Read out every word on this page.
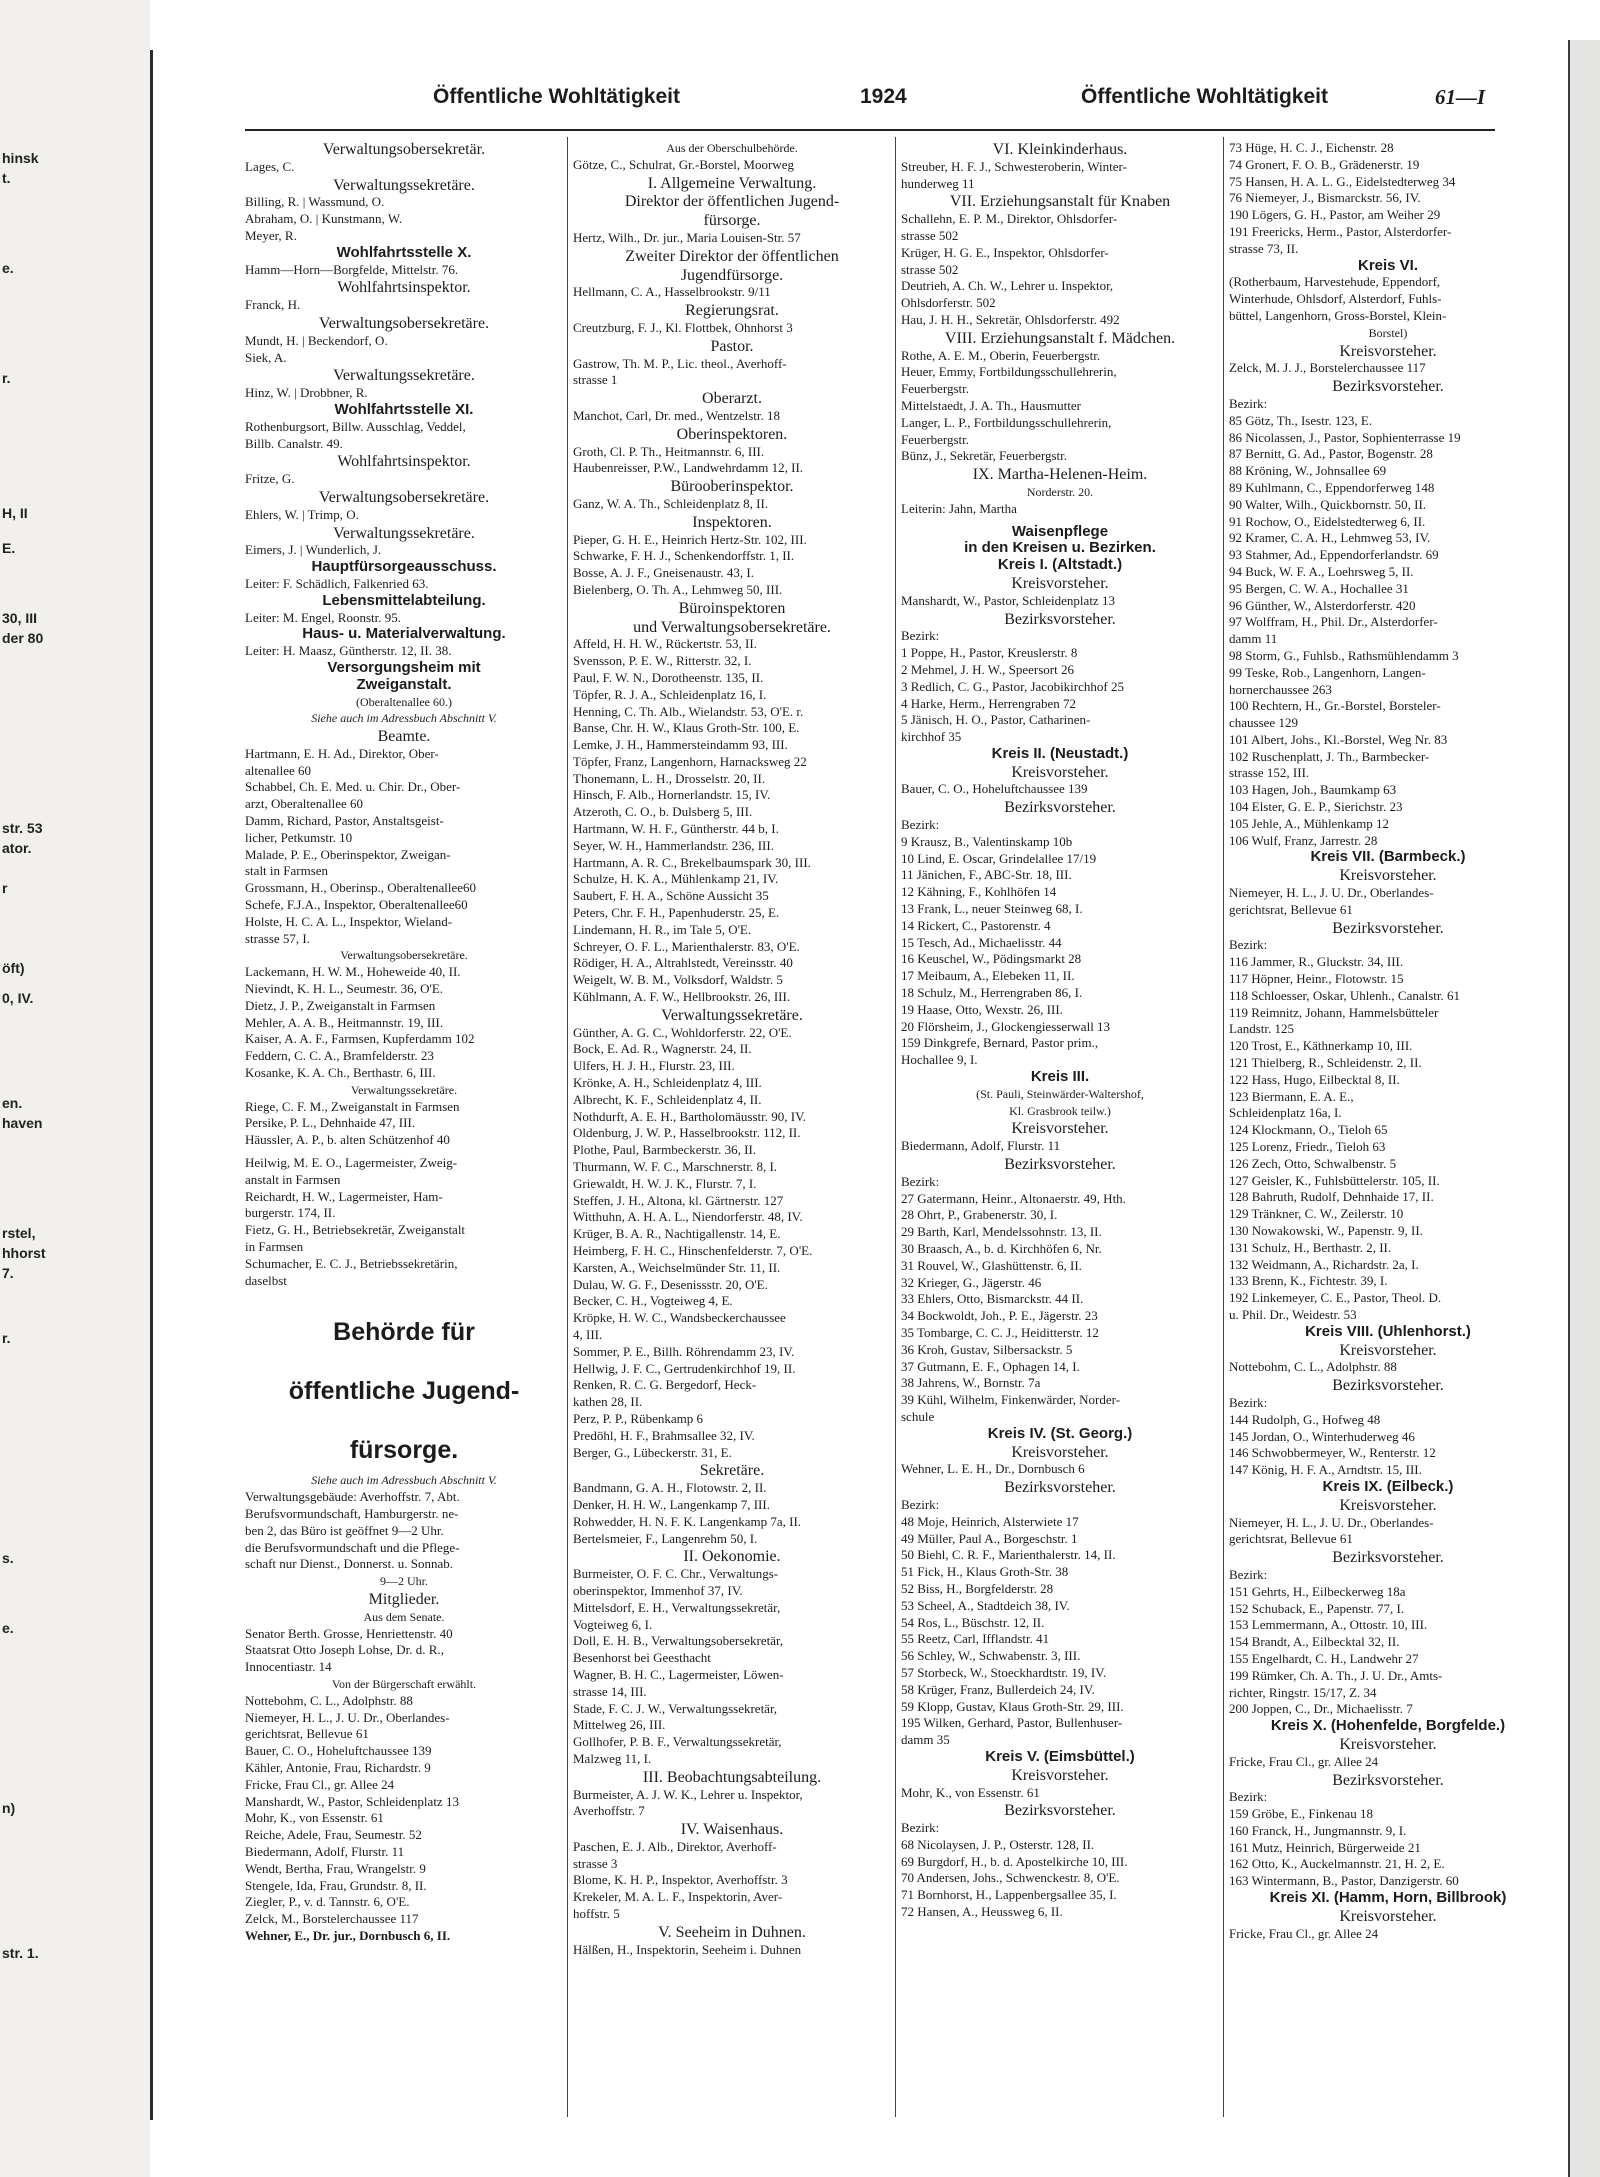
hinsk
t.
e.
r.
H, II
E.
30, III
der 80
str. 53
ator.
r
öft)
0, IV.
en.
haven
rstel,
hhorst
7.
r.
s.
e.
n)
str. 1.
Öffentliche Wohltätigkeit	1924	Öffentliche Wohltätigkeit	61—I
Verwaltungsobersekretär.
Lages, C.
Verwaltungssekretäre.
Billing, R. | Wassmund, O.
Abraham, O. | Kunstmann, W.
Meyer, R.
Wohlfahrtsstelle X.
Hamm—Horn—Borgfelde, Mittelstr. 76.
Wohlfahrtsinspektor.
Franck, H.
Verwaltungsobersekretäre.
Mundt, H. | Beckendorf, O.
Siek, A.
Verwaltungssekretäre.
Hinz, W. | Drobbner, R.
Wohlfahrtsstelle XI.
Rothenburgsort, Billw. Ausschlag, Veddel,
Billb. Canalstr. 49.
Wohlfahrtsinspektor.
Fritze, G.
Verwaltungsobersekretäre.
Ehlers, W. | Trimp, O.
Verwaltungssekretäre.
Eimers, J. | Wunderlich, J.
Hauptfürsorgeausschuss.
Leiter: F. Schädlich, Falkenried 63.
Lebensmittelabteilung.
Leiter: M. Engel, Roonstr. 95.
Haus- u. Materialverwaltung.
Leiter: H. Maasz, Güntherstr. 12, II. 38.
Versorgungsheim mit
Zweiganstalt.
(Oberaltenallee 60.)
Siehe auch im Adressbuch Abschnitt V.
Beamte.
Hartmann, E. H. Ad., Direktor, Ober-
altenallee 60
Schabbel, Ch. E. Med. u. Chir. Dr., Ober-
arzt, Oberaltenallee 60
Damm, Richard, Pastor, Anstaltsgeist-
licher, Petkumstr. 10
Malade, P. E., Oberinspektor, Zweigan-
stalt in Farmsen
Grossmann, H., Oberinsp., Oberaltenallee60
Schefe, F.J.A., Inspektor, Oberaltenallee60
Holste, H. C. A. L., Inspektor, Wieland-
strasse 57, I.
Verwaltungsobersekretäre.
Lackemann, H. W. M., Hoheweide 40, II.
Nievindt, K. H. L., Seumestr. 36, O'E.
Dietz, J. P., Zweiganstalt in Farmsen
Mehler, A. A. B., Heitmannstr. 19, III.
Kaiser, A. A. F., Farmsen, Kupferdamm 102
Feddern, C. C. A., Bramfelderstr. 23
Kosanke, K. A. Ch., Berthastr. 6, III.
Verwaltungssekretäre.
Riege, C. F. M., Zweiganstalt in Farmsen
Persike, P. L., Dehnhaide 47, III.
Häussler, A. P., b. alten Schützenhof 40
Heilwig, M. E. O., Lagermeister, Zweig-
anstalt in Farmsen
Reichardt, H. W., Lagermeister, Ham-
burgerstr. 174, II.
Fietz, G. H., Betriebsekretär, Zweiganstalt
in Farmsen
Schumacher, E. C. J., Betriebssekretärin,
daselbst
Behörde für
öffentliche Jugend-
fürsorge.
Siehe auch im Adressbuch Abschnitt V.
Verwaltungsgebäude: Averhoffstr. 7, Abt.
Berufsvormundschaft, Hamburgerstr. ne-
ben 2, das Büro ist geöffnet 9—2 Uhr.
die Berufsvormundschaft und die Pflege-
schaft nur Dienst., Donnerst. u. Sonnab.
9—2 Uhr.
Mitglieder.
Aus dem Senate.
Senator Berth. Grosse, Henriettenstr. 40
Staatsrat Otto Joseph Lohse, Dr. d. R.,
Innocentiastr. 14
Von der Bürgerschaft erwählt.
Nottebohm, C. L., Adolphstr. 88
Niemeyer, H. L., J. U. Dr., Oberlandes-
gerichtsrat, Bellevue 61
Bauer, C. O., Hoheluftchaussee 139
Kähler, Antonie, Frau, Richardstr. 9
Fricke, Frau Cl., gr. Allee 24
Manshardt, W., Pastor, Schleidenplatz 13
Mohr, K., von Essenstr. 61
Reiche, Adele, Frau, Seumestr. 52
Biedermann, Adolf, Flurstr. 11
Wendt, Bertha, Frau, Wrangelstr. 9
Stengele, Ida, Frau, Grundstr. 8, II.
Ziegler, P., v. d. Tannstr. 6, O'E.
Zelck, M., Borstelerchaussee 117
Wehner, E., Dr. jur., Dornbusch 6, II.
Aus der Oberschulbehörde.
Götze, C., Schulrat, Gr.-Borstel, Moorweg
I. Allgemeine Verwaltung.
Direktor der öffentlichen Jugend-
fürsorge.
Hertz, Wilh., Dr. jur., Maria Louisen-Str. 57
Zweiter Direktor der öffentlichen
Jugendfürsorge.
Hellmann, C. A., Hasselbrookstr. 9/11
Regierungsrat.
Creutzburg, F. J., Kl. Flottbek, Ohnhorst 3
Pastor.
Gastrow, Th. M. P., Lic. theol., Averhoff-
strasse 1
Oberarzt.
Manchot, Carl, Dr. med., Wentzelstr. 18
Oberinspektoren.
Groth, Cl. P. Th., Heitmannstr. 6, III.
Haubenreisser, P.W., Landwehrdamm 12, II.
Bürooberinspektor.
Ganz, W. A. Th., Schleidenplatz 8, II.
Inspektoren.
Pieper, G. H. E., Heinrich Hertz-Str. 102, III.
Schwarke, F. H. J., Schenkendorffstr. 1, II.
Bosse, A. J. F., Gneisenaustr. 43, I.
Bielenberg, O. Th. A., Lehmweg 50, III.
Büroinspektoren
und Verwaltungsobersekretäre.
Affeld, H. H. W., Rückertstr. 53, II.
Svensson, P. E. W., Ritterstr. 32, I.
Paul, F. W. N., Dorotheenstr. 135, II.
Töpfer, R. J. A., Schleidenplatz 16, I.
Henning, C. Th. Alb., Wielandstr. 53, O'E. r.
Banse, Chr. H. W., Klaus Groth-Str. 100, E.
Lemke, J. H., Hammersteindamm 93, III.
Töpfer, Franz, Langenhorn, Harnacksweg 22
Thonemann, L. H., Drosselstr. 20, II.
Hinsch, F. Alb., Hornerlandstr. 15, IV.
Atzeroth, C. O., b. Dulsberg 5, III.
Hartmann, W. H. F., Güntherstr. 44 b, I.
Seyer, W. H., Hammerlandstr. 236, III.
Hartmann, A. R. C., Brekelbaumspark 30, III.
Schulze, H. K. A., Mühlenkamp 21, IV.
Saubert, F. H. A., Schöne Aussicht 35
Peters, Chr. F. H., Papenhuderstr. 25, E.
Lindemann, H. R., im Tale 5, O'E.
Schreyer, O. F. L., Marienthalerstr. 83, O'E.
Rödiger, H. A., Altrahlstedt, Vereinsstr. 40
Weigelt, W. B. M., Volksdorf, Waldstr. 5
Kühlmann, A. F. W., Hellbrookstr. 26, III.
Verwaltungssekretäre.
Günther, A. G. C., Wohldorferstr. 22, O'E.
Bock, E. Ad. R., Wagnerstr. 24, II.
Ulfers, H. J. H., Flurstr. 23, III.
Krönke, A. H., Schleidenplatz 4, III.
Albrecht, K. F., Schleidenplatz 4, II.
Nothdurft, A. E. H., Bartholomäusstr. 90, IV.
Oldenburg, J. W. P., Hasselbrookstr. 112, II.
Plothe, Paul, Barmbeckerstr. 36, II.
Thurmann, W. F. C., Marschnerstr. 8, I.
Griewaldt, H. W. J. K., Flurstr. 7, I.
Steffen, J. H., Altona, kl. Gärtnerstr. 127
Witthuhn, A. H. A. L., Niendorferstr. 48, IV.
Krüger, B. A. R., Nachtigallenstr. 14, E.
Heimberg, F. H. C., Hinschenfelderstr. 7, O'E.
Karsten, A., Weichselmünder Str. 11, II.
Dulau, W. G. F., Desenissstr. 20, O'E.
Becker, C. H., Vogteiweg 4, E.
Kröpke, H. W. C., Wandsbeckerchaussee
4, III.
Sommer, P. E., Billh. Röhrendamm 23, IV.
Hellwig, J. F. C., Gertrudenkirchhof 19, II.
Renken, R. C. G. Bergedorf, Heck-
kathen 28, II.
Perz, P. P., Rübenkamp 6
Predöhl, H. F., Brahmsallee 32, IV.
Berger, G., Lübeckerstr. 31, E.
Sekretäre.
Bandmann, G. A. H., Flotowstr. 2, II.
Denker, H. H. W., Langenkamp 7, III.
Rohwedder, H. N. F. K. Langenkamp 7a, II.
Bertelsmeier, F., Langenrehm 50, I.
II. Oekonomie.
Burmeister, O. F. C. Chr., Verwaltungs-
oberinspektor, Immenhof 37, IV.
Mittelsdorf, E. H., Verwaltungssekretär,
Vogteiweg 6, I.
Doll, E. H. B., Verwaltungsobersekretär,
Besenhorst bei Geesthacht
Wagner, B. H. C., Lagermeister, Löwen-
strasse 14, III.
Stade, F. C. J. W., Verwaltungssekretär,
Mittelweg 26, III.
Gollhofer, P. B. F., Verwaltungssekretär,
Malzweg 11, I.
III. Beobachtungsabteilung.
Burmeister, A. J. W. K., Lehrer u. Inspektor,
Averhoffstr. 7
IV. Waisenhaus.
Paschen, E. J. Alb., Direktor, Averhoff-
strasse 3
Blome, K. H. P., Inspektor, Averhoffstr. 3
Krekeler, M. A. L. F., Inspektorin, Aver-
hoffstr. 5
V. Seeheim in Duhnen.
Hälßen, H., Inspektorin, Seeheim i. Duhnen
VI. Kleinkinderhaus.
Streuber, H. F. J., Schwesteroberin, Winter-
hunderweg 11
VII. Erziehungsanstalt für Knaben
Schallehn, E. P. M., Direktor, Ohlsdorfer-
strasse 502
Krüger, H. G. E., Inspektor, Ohlsdorfer-
strasse 502
Deutrieh, A. Ch. W., Lehrer u. Inspektor,
Ohlsdorferstr. 502
Hau, J. H. H., Sekretär, Ohlsdorferstr. 492
VIII. Erziehungsanstalt f. Mädchen.
Rothe, A. E. M., Oberin, Feuerbergstr.
Heuer, Emmy, Fortbildungsschullehrerin,
Feuerbergstr.
Mittelstaedt, J. A. Th., Hausmutter
Langer, L. P., Fortbildungsschullehrerin,
Feuerbergstr.
Bünz, J., Sekretär, Feuerbergstr.
IX. Martha-Helenen-Heim.
Norderstr. 20.
Leiterin: Jahn, Martha
Waisenpflege
in den Kreisen u. Bezirken.
Kreis I. (Altstadt.)
Kreisvorsteher.
Manshardt, W., Pastor, Schleidenplatz 13
Bezirksvorsteher.
Bezirk:
1 Poppe, H., Pastor, Kreuslerstr. 8
2 Mehmel, J. H. W., Speersort 26
3 Redlich, C. G., Pastor, Jacobikirchhof 25
4 Harke, Herm., Herrengraben 72
5 Jänisch, H. O., Pastor, Catharinen-
kirchhof 35
Kreis II. (Neustadt.)
Kreisvorsteher.
Bauer, C. O., Hoheluftchaussee 139
Bezirksvorsteher.
Bezirk:
9 Krausz, B., Valentinskamp 10b
10 Lind, E. Oscar, Grindelallee 17/19
11 Jänichen, F., ABC-Str. 18, III.
12 Kähning, F., Kohlhöfen 14
13 Frank, L., neuer Steinweg 68, I.
14 Rickert, C., Pastorenstr. 4
15 Tesch, Ad., Michaelisstr. 44
16 Keuschel, W., Pödingsmarkt 28
17 Meibaum, A., Elebeken 11, II.
18 Schulz, M., Herrengraben 86, I.
19 Haase, Otto, Wexstr. 26, III.
20 Flörsheim, J., Glockengiesserwall 13
159 Dinkgrefe, Bernard, Pastor prim.,
Hochallee 9, I.
Kreis III.
(St. Pauli, Steinwärder-Waltershof,
Kl. Grasbrook teilw.)
Kreisvorsteher.
Biedermann, Adolf, Flurstr. 11
Bezirksvorsteher.
Bezirk:
27 Gatermann, Heinr., Altonaerstr. 49, Hth.
28 Ohrt, P., Grabenerstr. 30, I.
29 Barth, Karl, Mendelssohnstr. 13, II.
30 Braasch, A., b. d. Kirchhöfen 6, Nr.
31 Rouvel, W., Glashüttenstr. 6, II.
32 Krieger, G., Jägerstr. 46
33 Ehlers, Otto, Bismarckstr. 44 II.
34 Bockwoldt, Joh., P. E., Jägerstr. 23
35 Tombarge, C. C. J., Heiditterstr. 12
36 Kroh, Gustav, Silbersackstr. 5
37 Gutmann, E. F., Ophagen 14, I.
38 Jahrens, W., Bornstr. 7a
39 Kühl, Wilhelm, Finkenwärder, Norder-
schule
Kreis IV. (St. Georg.)
Kreisvorsteher.
Wehner, L. E. H., Dr., Dornbusch 6
Bezirksvorsteher.
Bezirk:
48 Moje, Heinrich, Alsterwiete 17
49 Müller, Paul A., Borgeschstr. 1
50 Biehl, C. R. F., Marienthalerstr. 14, II.
51 Fick, H., Klaus Groth-Str. 38
52 Biss, H., Borgfelderstr. 28
53 Scheel, A., Stadtdeich 38, IV.
54 Ros, L., Büschstr. 12, II.
55 Reetz, Carl, Ifflandstr. 41
56 Schley, W., Schwabenstr. 3, III.
57 Storbeck, W., Stoeckhardtstr. 19, IV.
58 Krüger, Franz, Bullerdeich 24, IV.
59 Klopp, Gustav, Klaus Groth-Str. 29, III.
195 Wilken, Gerhard, Pastor, Bullenhuser-
damm 35
Kreis V. (Eimsbüttel.)
Kreisvorsteher.
Mohr, K., von Essenstr. 61
Bezirksvorsteher.
Bezirk:
68 Nicolaysen, J. P., Osterstr. 128, II.
69 Burgdorf, H., b. d. Apostelkirche 10, III.
70 Andersen, Johs., Schwenckestr. 8, O'E.
71 Bornhorst, H., Lappenbergsallee 35, I.
72 Hansen, A., Heussweg 6, II.
73 Hüge, H. C. J., Eichenstr. 28
74 Gronert, F. O. B., Grädenerstr. 19
75 Hansen, H. A. L. G., Eidelstedterweg 34
76 Niemeyer, J., Bismarckstr. 56, IV.
190 Lögers, G. H., Pastor, am Weiher 29
191 Freericks, Herm., Pastor, Alsterdorfer-
strasse 73, II.
Kreis VI.
(Rotherbaum, Harvestehude, Eppendorf,
Winterhude, Ohlsdorf, Alsterdorf, Fuhls-
büttel, Langenhorn, Gross-Borstel, Klein-
Borstel)
Kreisvorsteher.
Zelck, M. J. J., Borstelerchaussee 117
Bezirksvorsteher.
Bezirk:
85 Götz, Th., Isestr. 123, E.
86 Nicolassen, J., Pastor, Sophienterrasse 19
87 Bernitt, G. Ad., Pastor, Bogenstr. 28
88 Kröning, W., Johnsallee 69
89 Kuhlmann, C., Eppendorferweg 148
90 Walter, Wilh., Quickbornstr. 50, II.
91 Rochow, O., Eidelstedterweg 6, II.
92 Kramer, C. A. H., Lehmweg 53, IV.
93 Stahmer, Ad., Eppendorferlandstr. 69
94 Buck, W. F. A., Loehrsweg 5, II.
95 Bergen, C. W. A., Hochallee 31
96 Günther, W., Alsterdorferstr. 420
97 Wolffram, H., Phil. Dr., Alsterdorfer-
damm 11
98 Storm, G., Fuhlsb., Rathsmühlendamm 3
99 Teske, Rob., Langenhorn, Langen-
hornerchaussee 263
100 Rechtern, H., Gr.-Borstel, Borsteler-
chaussee 129
101 Albert, Johs., Kl.-Borstel, Weg Nr. 83
102 Ruschenplatt, J. Th., Barmbecker-
strasse 152, III.
103 Hagen, Joh., Baumkamp 63
104 Elster, G. E. P., Sierichstr. 23
105 Jehle, A., Mühlenkamp 12
106 Wulf, Franz, Jarrestr. 28
Kreis VII. (Barmbeck.)
Kreisvorsteher.
Niemeyer, H. L., J. U. Dr., Oberlandes-
gerichtsrat, Bellevue 61
Bezirksvorsteher.
Bezirk:
116 Jammer, R., Gluckstr. 34, III.
117 Höpner, Heinr., Flotowstr. 15
118 Schloesser, Oskar, Uhlenh., Canalstr. 61
119 Reimnitz, Johann, Hammelsbütteler
Landstr. 125
120 Trost, E., Käthnerkamp 10, III.
121 Thielberg, R., Schleidenstr. 2, II.
122 Hass, Hugo, Eilbecktal 8, II.
123 Biermann, E. A. E.,
Schleidenplatz 16a, I.
124 Klockmann, O., Tieloh 65
125 Lorenz, Friedr., Tieloh 63
126 Zech, Otto, Schwalbenstr. 5
127 Geisler, K., Fuhlsbüttelerstr. 105, II.
128 Bahruth, Rudolf, Dehnhaide 17, II.
129 Tränkner, C. W., Zeilerstr. 10
130 Nowakowski, W., Papenstr. 9, II.
131 Schulz, H., Berthastr. 2, II.
132 Weidmann, A., Richardstr. 2a, I.
133 Brenn, K., Fichtestr. 39, I.
192 Linkemeyer, C. E., Pastor, Theol. D.
u. Phil. Dr., Weidestr. 53
Kreis VIII. (Uhlenhorst.)
Kreisvorsteher.
Nottebohm, C. L., Adolphstr. 88
Bezirksvorsteher.
Bezirk:
144 Rudolph, G., Hofweg 48
145 Jordan, O., Winterhuderweg 46
146 Schwobbermeyer, W., Renterstr. 12
147 König, H. F. A., Arndtstr. 15, III.
Kreis IX. (Eilbeck.)
Kreisvorsteher.
Niemeyer, H. L., J. U. Dr., Oberlandes-
gerichtsrat, Bellevue 61
Bezirksvorsteher.
Bezirk:
151 Gehrts, H., Eilbeckerweg 18a
152 Schuback, E., Papenstr. 77, I.
153 Lemmermann, A., Ottostr. 10, III.
154 Brandt, A., Eilbecktal 32, II.
155 Engelhardt, C. H., Landwehr 27
199 Rümker, Ch. A. Th., J. U. Dr., Amts-
richter, Ringstr. 15/17, Z. 34
200 Joppen, C., Dr., Michaelisstr. 7
Kreis X. (Hohenfelde, Borgfelde.)
Kreisvorsteher.
Fricke, Frau Cl., gr. Allee 24
Bezirksvorsteher.
Bezirk:
159 Gröbe, E., Finkenau 18
160 Franck, H., Jungmannstr. 9, I.
161 Mutz, Heinrich, Bürgerweide 21
162 Otto, K., Auckelmannstr. 21, H. 2, E.
163 Wintermann, B., Pastor, Danzigerstr. 60
Kreis XI. (Hamm, Horn, Billbrook)
Kreisvorsteher.
Fricke, Frau Cl., gr. Allee 24
